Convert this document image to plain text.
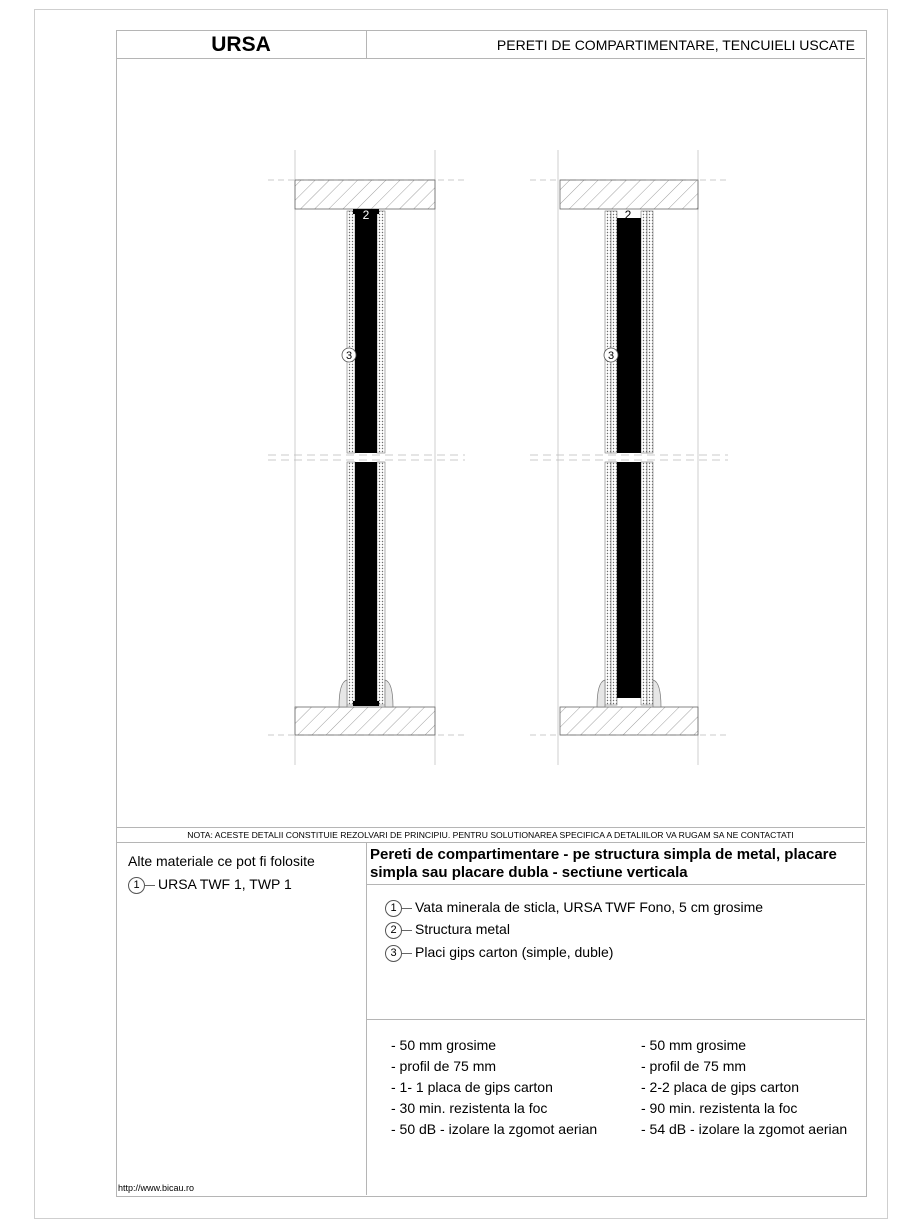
URSA	PERETI DE COMPARTIMENTARE, TENCUIELI USCATE
2
3
2
3
NOTA: ACESTE DETALII CONSTITUIE REZOLVARI DE PRINCIPIU. PENTRU SOLUTIONAREA SPECIFICA A DETALIILOR VA RUGAM SA NE CONTACTATI
Alte materiale ce pot fi folosite
1 URSA TWF 1, TWP 1
Pereti de compartimentare - pe structura simpla de metal, placare simpla sau placare dubla - sectiune verticala
1 Vata minerala de sticla, URSA TWF Fono, 5 cm grosime
2 Structura metal
3 Placi gips carton (simple, duble)
- 50 mm grosime
- profil de 75 mm
- 1- 1 placa de gips carton
- 30 min. rezistenta la foc
- 50 dB - izolare la zgomot aerian
- 50 mm grosime
- profil de 75 mm
- 2-2 placa de gips carton
- 90 min. rezistenta la foc
- 54 dB - izolare la zgomot aerian
http://www.bicau.ro
